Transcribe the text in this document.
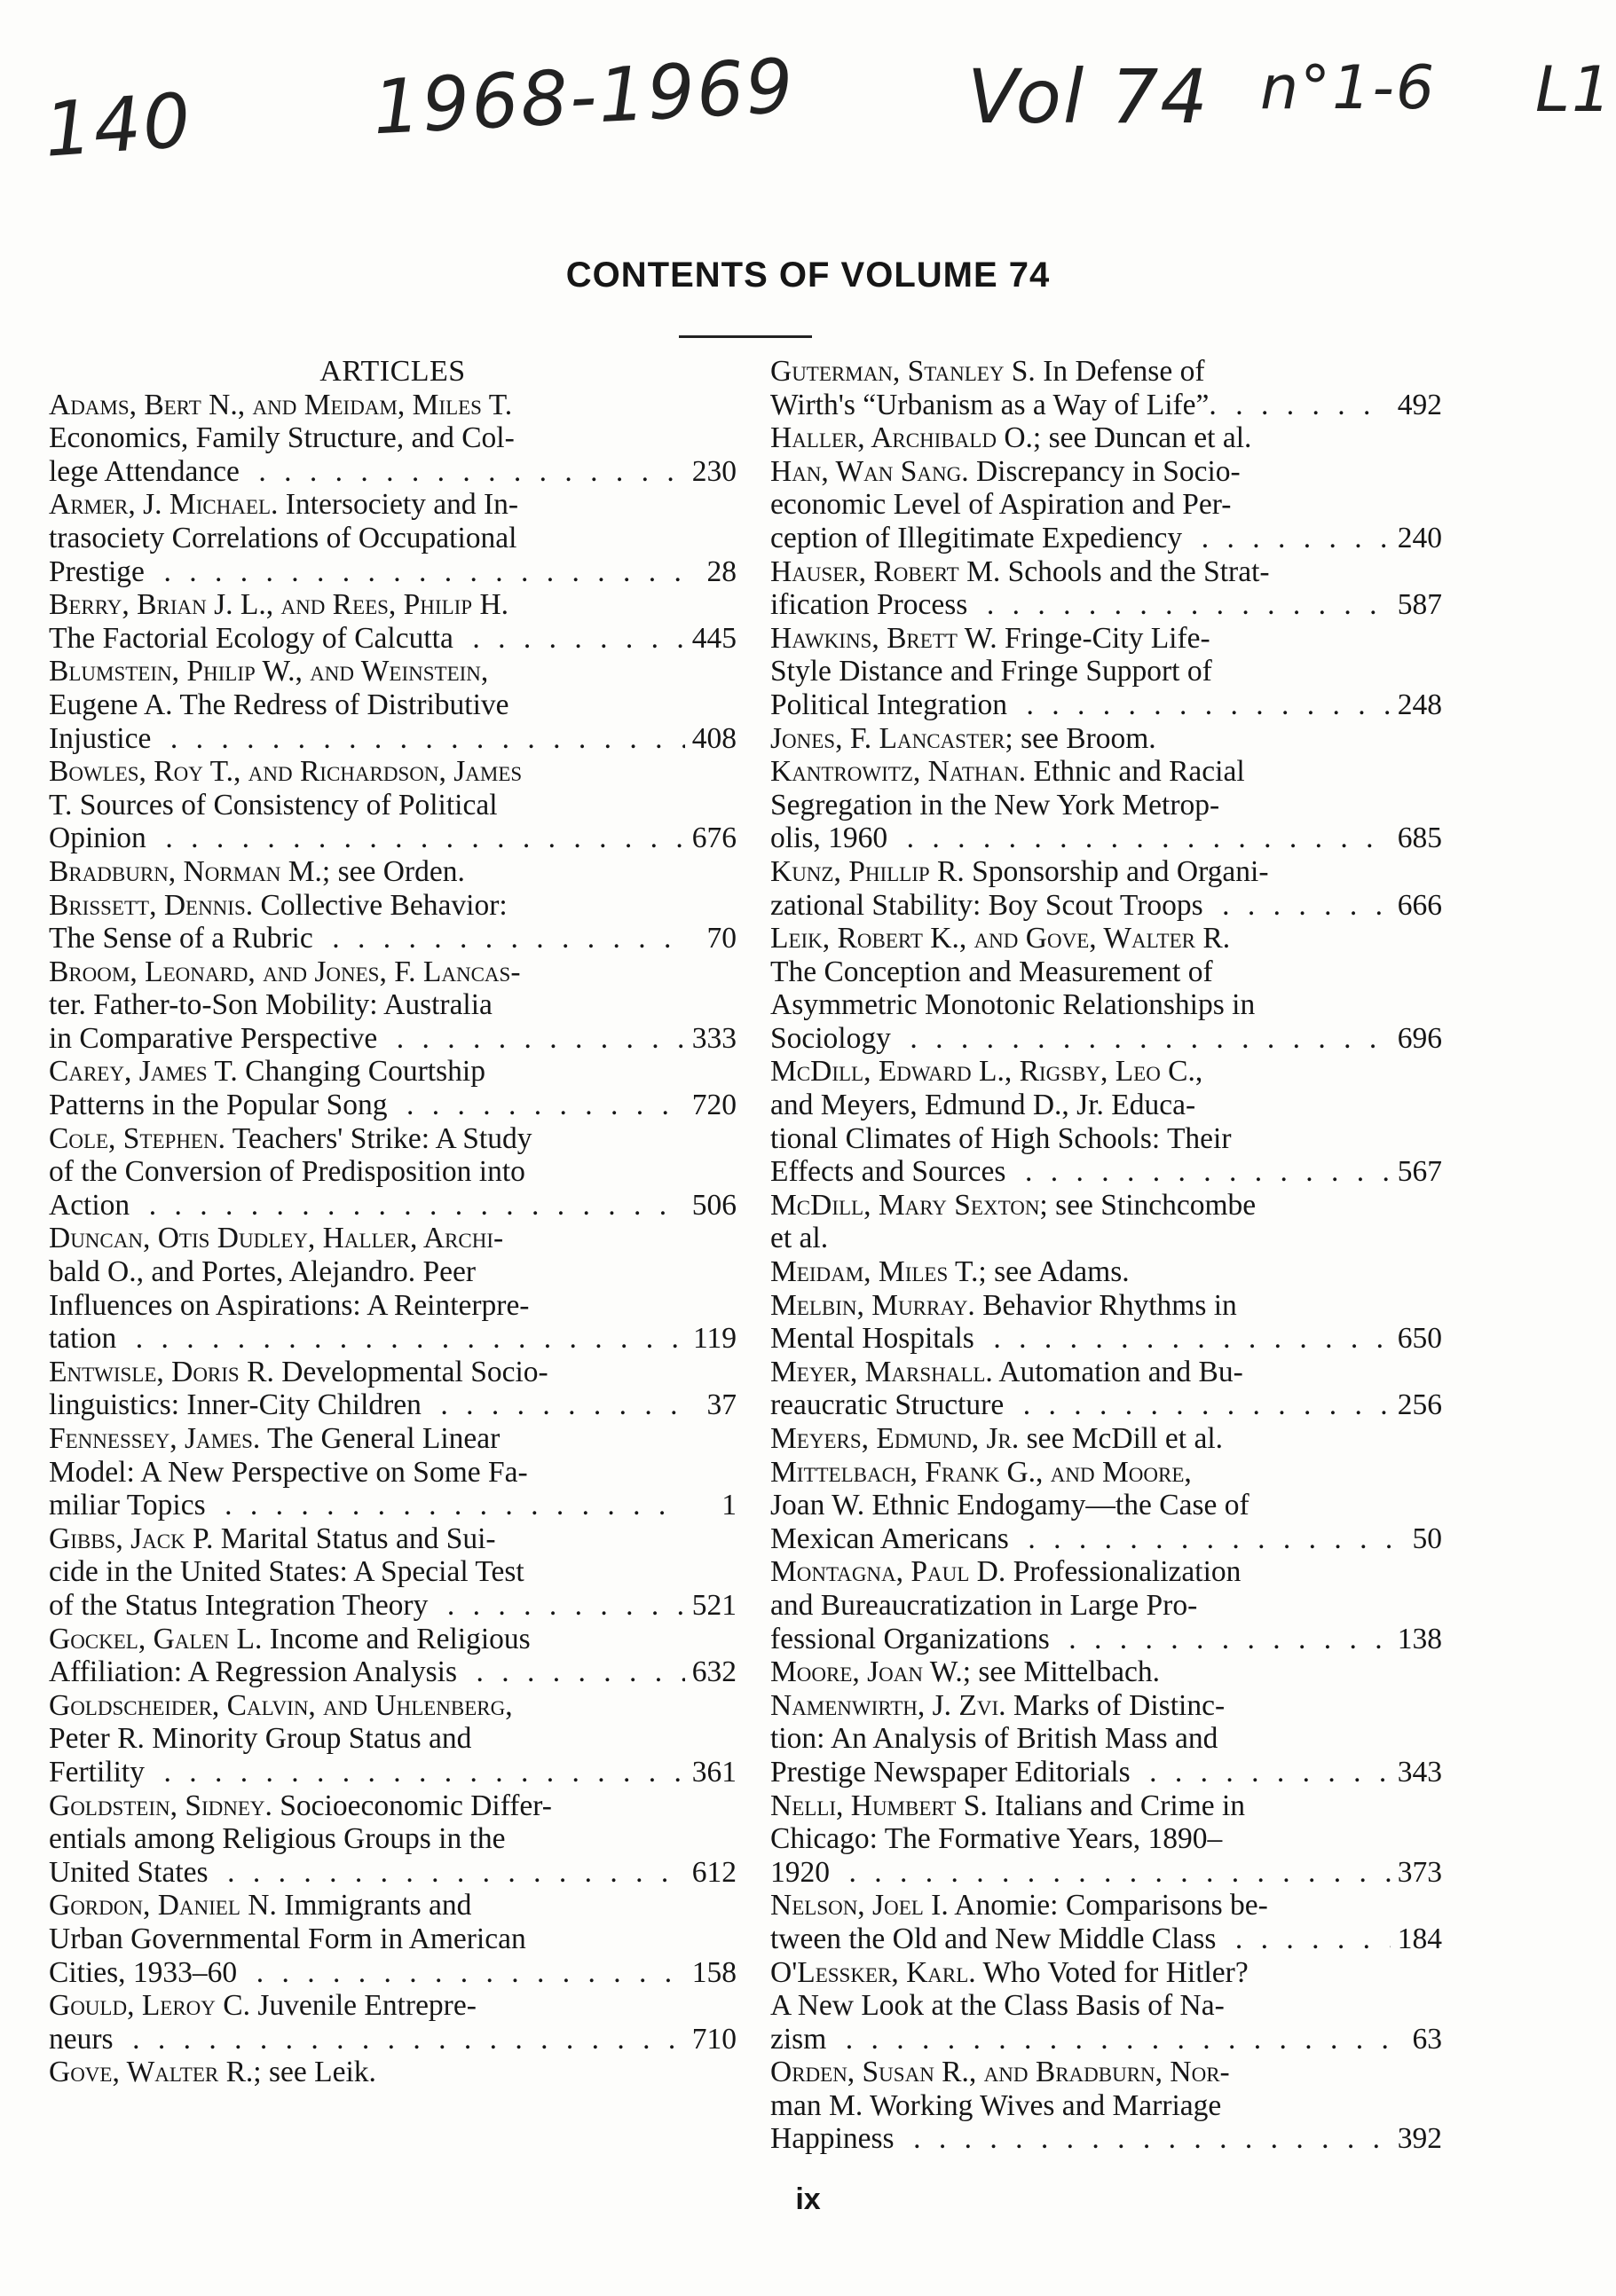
140 1968-1969 Vol 74 n°1-6 L1
CONTENTS OF VOLUME 74
ARTICLES
Adams, Bert N., and Meidam, Miles T.
Economics, Family Structure, and Col-
lege Attendance . . .	230
Armer, J. Michael. Intersociety and In-
trasociety Correlations of Occupational
Prestige . . .	28
Berry, Brian J. L., and Rees, Philip H.
The Factorial Ecology of Calcutta . . .	445
Blumstein, Philip W., and Weinstein,
Eugene A. The Redress of Distributive
Injustice . . .	408
Bowles, Roy T., and Richardson, James
T. Sources of Consistency of Political
Opinion . . .	676
Bradburn, Norman M.; see Orden.
Brissett, Dennis. Collective Behavior:
The Sense of a Rubric . . .	70
Broom, Leonard, and Jones, F. Lancas-
ter. Father-to-Son Mobility: Australia
in Comparative Perspective . . .	333
Carey, James T. Changing Courtship
Patterns in the Popular Song . . .	720
Cole, Stephen. Teachers' Strike: A Study
of the Conversion of Predisposition into
Action . . .	506
Duncan, Otis Dudley, Haller, Archi-
bald O., and Portes, Alejandro. Peer
Influences on Aspirations: A Reinterpre-
tation . . .	119
Entwisle, Doris R. Developmental Socio-
linguistics: Inner-City Children . . .	37
Fennessey, James. The General Linear
Model: A New Perspective on Some Fa-
miliar Topics . . .	1
Gibbs, Jack P. Marital Status and Sui-
cide in the United States: A Special Test
of the Status Integration Theory . . .	521
Gockel, Galen L. Income and Religious
Affiliation: A Regression Analysis . . .	632
Goldscheider, Calvin, and Uhlenberg,
Peter R. Minority Group Status and
Fertility . . .	361
Goldstein, Sidney. Socioeconomic Differ-
entials among Religious Groups in the
United States . . .	612
Gordon, Daniel N. Immigrants and
Urban Governmental Form in American
Cities, 1933–60 . . .	158
Gould, Leroy C. Juvenile Entrepre-
neurs . . .	710
Gove, Walter R.; see Leik.
Guterman, Stanley S. In Defense of
Wirth's “Urbanism as a Way of Life”. . . .	492
Haller, Archibald O.; see Duncan et al.
Han, Wan Sang. Discrepancy in Socio-
economic Level of Aspiration and Per-
ception of Illegitimate Expediency . . .	240
Hauser, Robert M. Schools and the Strat-
ification Process . . .	587
Hawkins, Brett W. Fringe-City Life-
Style Distance and Fringe Support of
Political Integration . . .	248
Jones, F. Lancaster; see Broom.
Kantrowitz, Nathan. Ethnic and Racial
Segregation in the New York Metrop-
olis, 1960 . . .	685
Kunz, Phillip R. Sponsorship and Organi-
zational Stability: Boy Scout Troops . . .	666
Leik, Robert K., and Gove, Walter R.
The Conception and Measurement of
Asymmetric Monotonic Relationships in
Sociology . . .	696
McDill, Edward L., Rigsby, Leo C.,
and Meyers, Edmund D., Jr. Educa-
tional Climates of High Schools: Their
Effects and Sources . . .	567
McDill, Mary Sexton; see Stinchcombe
et al.
Meidam, Miles T.; see Adams.
Melbin, Murray. Behavior Rhythms in
Mental Hospitals . . .	650
Meyer, Marshall. Automation and Bu-
reaucratic Structure . . .	256
Meyers, Edmund, Jr. see McDill et al.
Mittelbach, Frank G., and Moore,
Joan W. Ethnic Endogamy—the Case of
Mexican Americans . . .	50
Montagna, Paul D. Professionalization
and Bureaucratization in Large Pro-
fessional Organizations . . .	138
Moore, Joan W.; see Mittelbach.
Namenwirth, J. Zvi. Marks of Distinc-
tion: An Analysis of British Mass and
Prestige Newspaper Editorials . . .	343
Nelli, Humbert S. Italians and Crime in
Chicago: The Formative Years, 1890–
1920 . . .	373
Nelson, Joel I. Anomie: Comparisons be-
tween the Old and New Middle Class . . .	184
O'Lessker, Karl. Who Voted for Hitler?
A New Look at the Class Basis of Na-
zism . . .	63
Orden, Susan R., and Bradburn, Nor-
man M. Working Wives and Marriage
Happiness . . .	392
ix
